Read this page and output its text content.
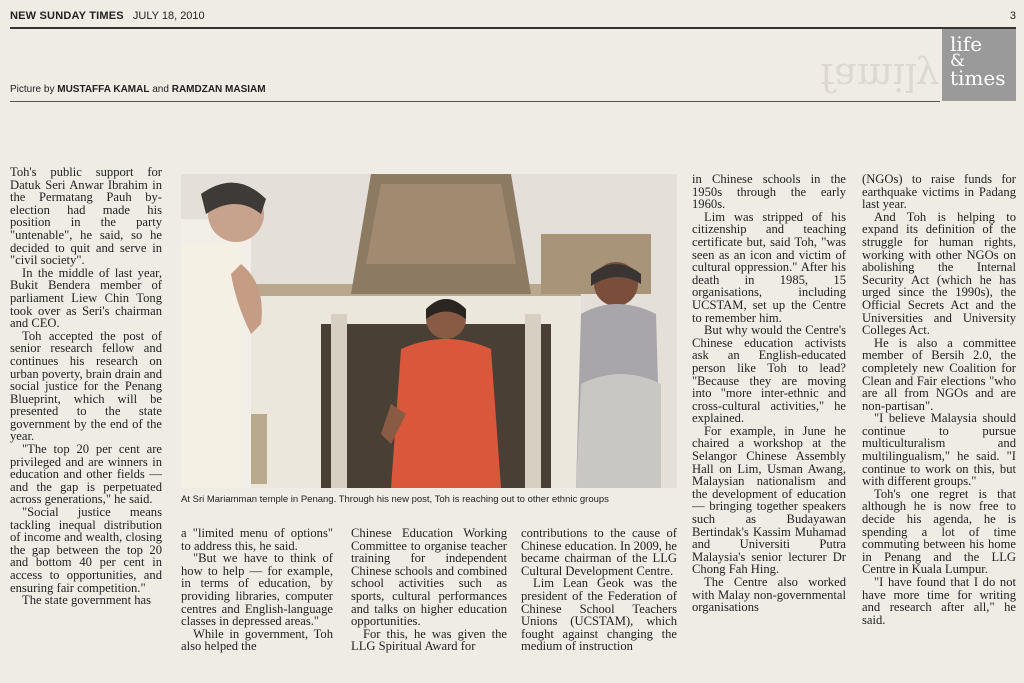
NEW SUNDAY TIMES JULY 18, 2010	3
family
life
&
times
Picture by MUSTAFFA KAMAL and RAMDZAN MASIAM

Toh's public support for Datuk Seri Anwar Ibrahim in the Permatang Pauh by-election had made his position in the party "untenable", he said, so he decided to quit and serve in "civil society".

In the middle of last year, Bukit Bendera member of parliament Liew Chin Tong took over as Seri's chairman and CEO.

Toh accepted the post of senior research fellow and continues his research on urban poverty, brain drain and social justice for the Penang Blueprint, which will be presented to the state government by the end of the year.

"The top 20 per cent are privileged and are winners in education and other fields — and the gap is perpetuated across generations," he said.

"Social justice means tackling inequal distribution of income and wealth, closing the gap between the top 20 and bottom 40 per cent in access to opportunities, and ensuring fair competition."

The state government has

At Sri Mariamman temple in Penang. Through his new post, Toh is reaching out to other ethnic groups

a "limited menu of options" to address this, he said.

"But we have to think of how to help — for example, in terms of education, by providing libraries, computer centres and English-language classes in depressed areas."

While in government, Toh also helped the

Chinese Education Working Committee to organise teacher training for independent Chinese schools and combined school activities such as sports, cultural performances and talks on higher education opportunities.

For this, he was given the LLG Spiritual Award for

contributions to the cause of Chinese education. In 2009, he became chairman of the LLG Cultural Development Centre.

Lim Lean Geok was the president of the Federation of Chinese School Teachers Unions (UCSTAM), which fought against changing the medium of instruction

in Chinese schools in the 1950s through the early 1960s.

Lim was stripped of his citizenship and teaching certificate but, said Toh, "was seen as an icon and victim of cultural oppression." After his death in 1985, 15 organisations, including UCSTAM, set up the Centre to remember him.

But why would the Centre's Chinese education activists ask an English-educated person like Toh to lead? "Because they are moving into "more inter-ethnic and cross-cultural activities," he explained.

For example, in June he chaired a workshop at the Selangor Chinese Assembly Hall on Lim, Usman Awang, Malaysian nationalism and the development of education — bringing together speakers such as Budayawan Bertindak's Kassim Muhamad and Universiti Putra Malaysia's senior lecturer Dr Chong Fah Hing.

The Centre also worked with Malay non-governmental organisations

(NGOs) to raise funds for earthquake victims in Padang last year.

And Toh is helping to expand its definition of the struggle for human rights, working with other NGOs on abolishing the Internal Security Act (which he has urged since the 1990s), the Official Secrets Act and the Universities and University Colleges Act.

He is also a committee member of Bersih 2.0, the completely new Coalition for Clean and Fair elections "who are all from NGOs and are non-partisan".

"I believe Malaysia should continue to pursue multiculturalism and multilingualism," he said. "I continue to work on this, but with different groups."

Toh's one regret is that although he is now free to decide his agenda, he is spending a lot of time commuting between his home in Penang and the LLG Centre in Kuala Lumpur.

"I have found that I do not have more time for writing and research after all," he said.
